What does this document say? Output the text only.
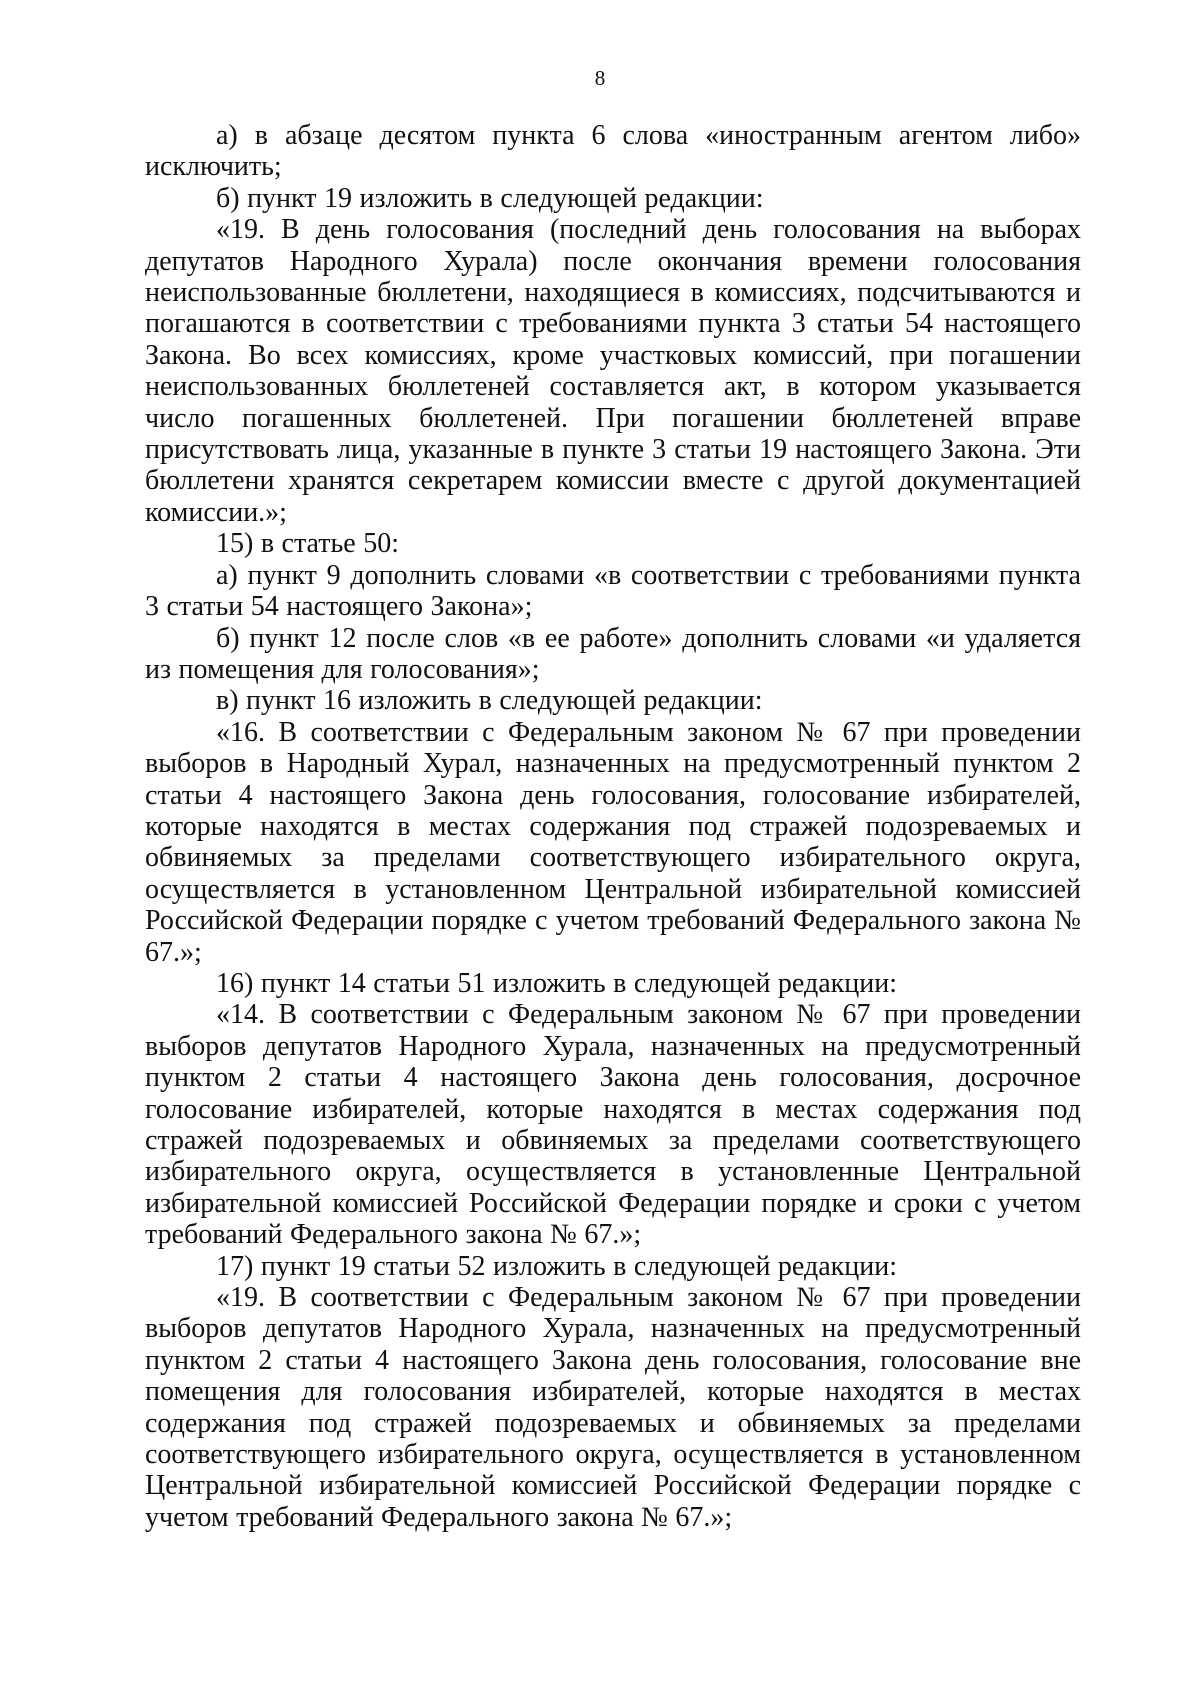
8

а) в абзаце десятом пункта 6 слова «иностранным агентом либо» исключить;

б) пункт 19 изложить в следующей редакции:

«19. В день голосования (последний день голосования на выборах депутатов Народного Хурала) после окончания времени голосования неиспользованные бюллетени, находящиеся в комиссиях, подсчитываются и погашаются в соответствии с требованиями пункта 3 статьи 54 настоящего Закона. Во всех комиссиях, кроме участковых комиссий, при погашении неиспользованных бюллетеней составляется акт, в котором указывается число погашенных бюллетеней. При погашении бюллетеней вправе присутствовать лица, указанные в пункте 3 статьи 19 настоящего Закона. Эти бюллетени хранятся секретарем комиссии вместе с другой документацией комиссии.»;

15) в статье 50:

а) пункт 9 дополнить словами «в соответствии с требованиями пункта 3 статьи 54 настоящего Закона»;

б) пункт 12 после слов «в ее работе» дополнить словами «и удаляется из помещения для голосования»;

в) пункт 16 изложить в следующей редакции:

«16. В соответствии с Федеральным законом № 67 при проведении выборов в Народный Хурал, назначенных на предусмотренный пунктом 2 статьи 4 настоящего Закона день голосования, голосование избирателей, которые находятся в местах содержания под стражей подозреваемых и обвиняемых за пределами соответствующего избирательного округа, осуществляется в установленном Центральной избирательной комиссией Российской Федерации порядке с учетом требований Федерального закона № 67.»;

16) пункт 14 статьи 51 изложить в следующей редакции:

«14. В соответствии с Федеральным законом № 67 при проведении выборов депутатов Народного Хурала, назначенных на предусмотренный пунктом 2 статьи 4 настоящего Закона день голосования, досрочное голосование избирателей, которые находятся в местах содержания под стражей подозреваемых и обвиняемых за пределами соответствующего избирательного округа, осуществляется в установленные Центральной избирательной комиссией Российской Федерации порядке и сроки с учетом требований Федерального закона № 67.»;

17) пункт 19 статьи 52 изложить в следующей редакции:

«19. В соответствии с Федеральным законом № 67 при проведении выборов депутатов Народного Хурала, назначенных на предусмотренный пунктом 2 статьи 4 настоящего Закона день голосования, голосование вне помещения для голосования избирателей, которые находятся в местах содержания под стражей подозреваемых и обвиняемых за пределами соответствующего избирательного округа, осуществляется в установленном Центральной избирательной комиссией Российской Федерации порядке с учетом требований Федерального закона № 67.»;
